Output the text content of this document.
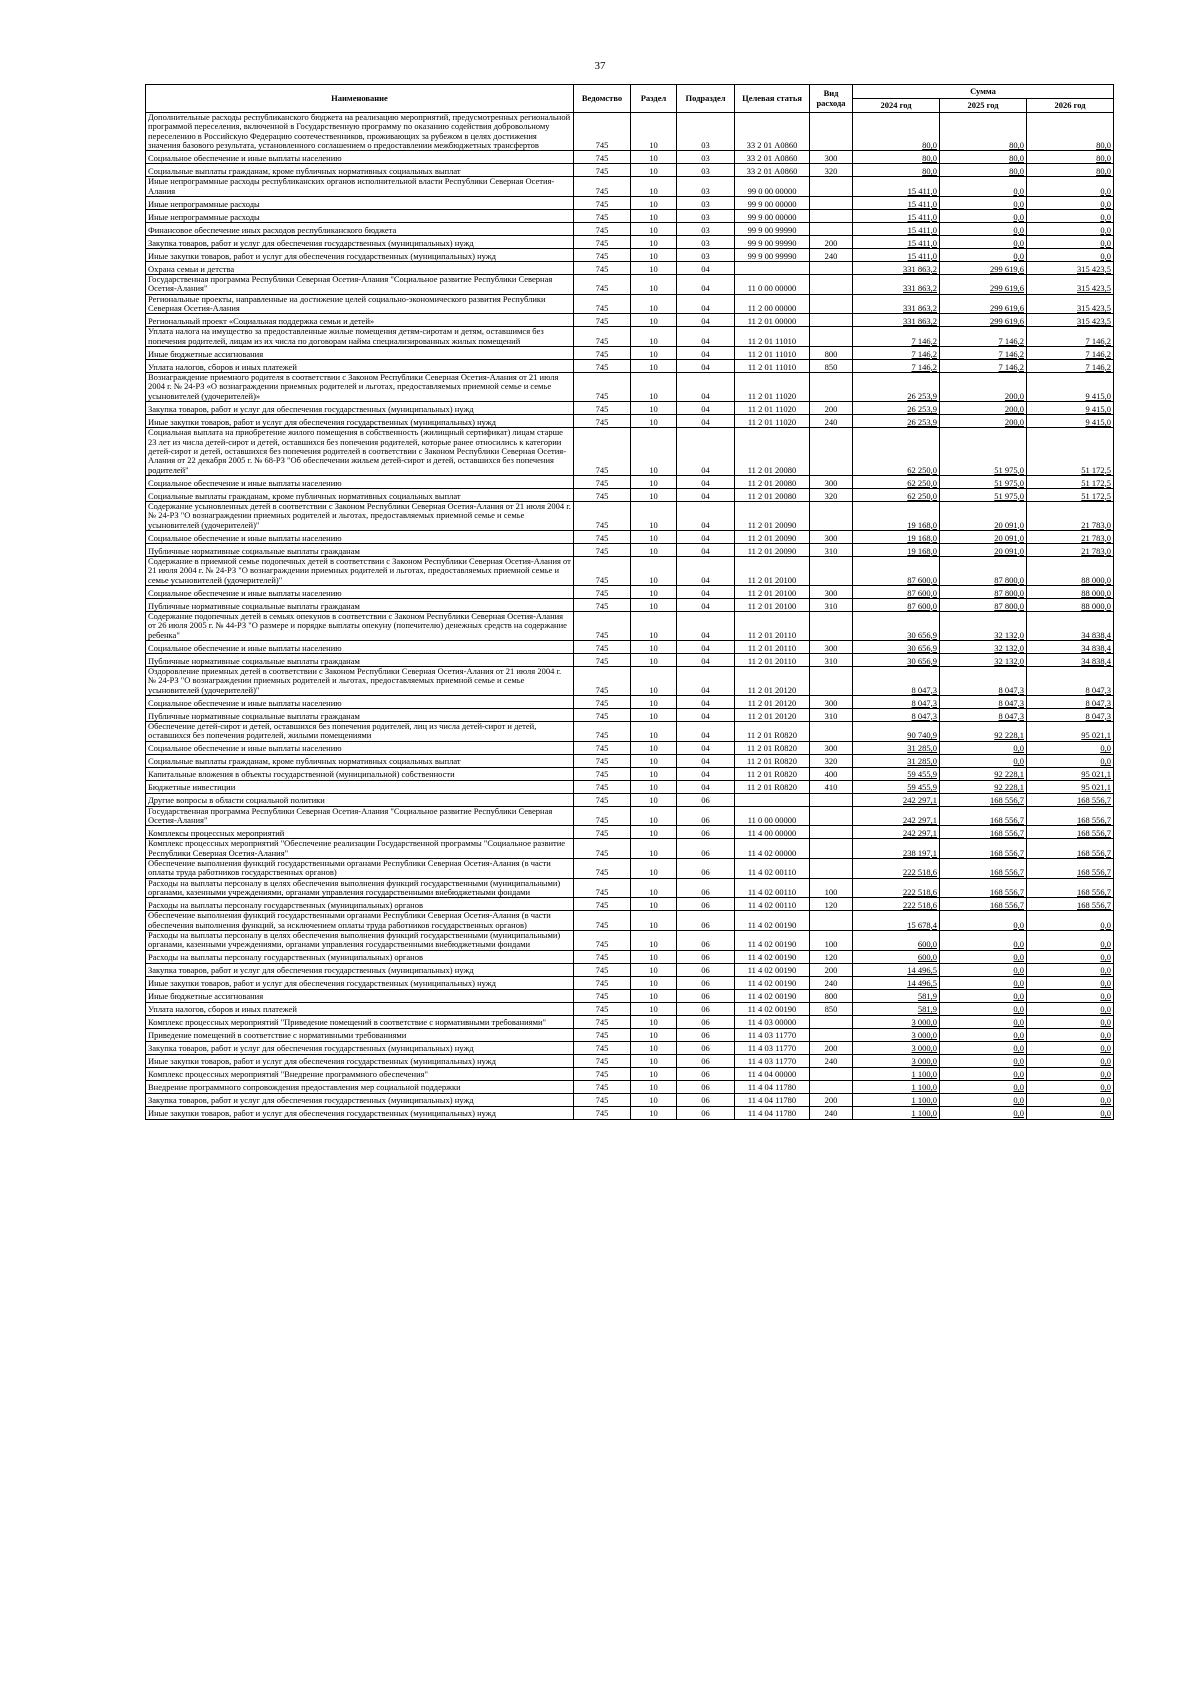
37
Наименование	Ведомство	Раздел	Подраздел	Целевая статья	Вид расхода	Сумма		
						2024 год	2025 год	2026 год
Дополнительные расходы республиканского бюджета на реализацию мероприятий, предусмотренных региональной программой переселения, включенной в Государственную программу по оказанию содействия добровольному переселению в Российскую Федерацию соотечественников, проживающих за рубежом в целях достижения значения базового результата, установленного соглашением о предоставлении межбюджетных трансфертов	745	10	03	33 2 01 А0860		80,0	80,0	80,0
Социальное обеспечение и иные выплаты населению	745	10	03	33 2 01 А0860	300	80,0	80,0	80,0
Социальные выплаты гражданам, кроме публичных нормативных социальных выплат	745	10	03	33 2 01 А0860	320	80,0	80,0	80,0
Иные непрограммные расходы республиканских органов исполнительной власти Республики Северная Осетия-Алания	745	10	03	99 0 00 00000		15 411,0	0,0	0,0
Иные непрограммные расходы	745	10	03	99 9 00 00000		15 411,0	0,0	0,0
Иные непрограммные расходы	745	10	03	99 9 00 00000		15 411,0	0,0	0,0
Финансовое обеспечение иных расходов республиканского бюджета	745	10	03	99 9 00 99990		15 411,0	0,0	0,0
Закупка товаров, работ и услуг для обеспечения государственных (муниципальных) нужд	745	10	03	99 9 00 99990	200	15 411,0	0,0	0,0
Иные закупки товаров, работ и услуг для обеспечения государственных (муниципальных) нужд	745	10	03	99 9 00 99990	240	15 411,0	0,0	0,0
Охрана семьи и детства	745	10	04			331 863,2	299 619,6	315 423,5
Государственная программа Республики Северная Осетия-Алания "Социальное развитие Республики Северная Осетия-Алания"	745	10	04	11 0 00 00000		331 863,2	299 619,6	315 423,5
Региональные проекты, направленные на достижение целей социально-экономического развития Республики Северная Осетия-Алания	745	10	04	11 2 00 00000		331 863,2	299 619,6	315 423,5
Региональный проект «Социальная поддержка семьи и детей»	745	10	04	11 2 01 00000		331 863,2	299 619,6	315 423,5
Уплата налога на имущество за предоставленные жилые помещения детям-сиротам и детям, оставшимся без попечения родителей, лицам из их числа по договорам найма специализированных жилых помещений	745	10	04	11 2 01 11010		7 146,2	7 146,2	7 146,2
Иные бюджетные ассигнования	745	10	04	11 2 01 11010	800	7 146,2	7 146,2	7 146,2
Уплата налогов, сборов и иных платежей	745	10	04	11 2 01 11010	850	7 146,2	7 146,2	7 146,2
Вознаграждение приемного родителя в соответствии с Законом Республики Северная Осетия-Алания от 21 июля 2004 г. № 24-РЗ «О вознаграждении приемных родителей и льготах, предоставляемых приемной семье и семье усыновителей (удочерителей)»	745	10	04	11 2 01 11020		26 253,9	200,0	9 415,0
Закупка товаров, работ и услуг для обеспечения государственных (муниципальных) нужд	745	10	04	11 2 01 11020	200	26 253,9	200,0	9 415,0
Иные закупки товаров, работ и услуг для обеспечения государственных (муниципальных) нужд	745	10	04	11 2 01 11020	240	26 253,9	200,0	9 415,0
Социальная выплата на приобретение жилого помещения в собственность (жилищный сертификат) лицам старше 23 лет из числа детей-сирот и детей, оставшихся без попечения родителей, которые ранее относились к категории детей-сирот и детей, оставшихся без попечения родителей в соответствии с Законом Республики Северная Осетия-Алания от 22 декабря 2005 г. № 68-РЗ "Об обеспечении жильем детей-сирот и детей, оставшихся без попечения родителей"	745	10	04	11 2 01 20080		62 250,0	51 975,0	51 172,5
Социальное обеспечение и иные выплаты населению	745	10	04	11 2 01 20080	300	62 250,0	51 975,0	51 172,5
Социальные выплаты гражданам, кроме публичных нормативных социальных выплат	745	10	04	11 2 01 20080	320	62 250,0	51 975,0	51 172,5
Содержание усыновленных детей в соответствии с Законом Республики Северная Осетия-Алания от 21 июля 2004 г. № 24-РЗ "О вознаграждении приемных родителей и льготах, предоставляемых приемной семье и семье усыновителей (удочерителей)"	745	10	04	11 2 01 20090		19 168,0	20 091,0	21 783,0
Социальное обеспечение и иные выплаты населению	745	10	04	11 2 01 20090	300	19 168,0	20 091,0	21 783,0
Публичные нормативные социальные выплаты гражданам	745	10	04	11 2 01 20090	310	19 168,0	20 091,0	21 783,0
Содержание в приемной семье подопечных детей в соответствии с Законом Республики Северная Осетия-Алания от 21 июля 2004 г. № 24-РЗ "О вознаграждении приемных родителей и льготах, предоставляемых приемной семье и семье усыновителей (удочерителей)"	745	10	04	11 2 01 20100		87 600,0	87 800,0	88 000,0
Социальное обеспечение и иные выплаты населению	745	10	04	11 2 01 20100	300	87 600,0	87 800,0	88 000,0
Публичные нормативные социальные выплаты гражданам	745	10	04	11 2 01 20100	310	87 600,0	87 800,0	88 000,0
Содержание подопечных детей в семьях опекунов в соответствии с Законом Республики Северная Осетия-Алания от 26 июля 2005 г. № 44-РЗ "О размере и порядке выплаты опекуну (попечителю) денежных средств на содержание ребенка"	745	10	04	11 2 01 20110		30 656,9	32 132,0	34 838,4
Социальное обеспечение и иные выплаты населению	745	10	04	11 2 01 20110	300	30 656,9	32 132,0	34 838,4
Публичные нормативные социальные выплаты гражданам	745	10	04	11 2 01 20110	310	30 656,9	32 132,0	34 838,4
Оздоровление приемных детей в соответствии с Законом Республики Северная Осетия-Алания от 21 июля 2004 г. № 24-РЗ "О вознаграждении приемных родителей и льготах, предоставляемых приемной семье и семье усыновителей (удочерителей)"	745	10	04	11 2 01 20120		8 047,3	8 047,3	8 047,3
Социальное обеспечение и иные выплаты населению	745	10	04	11 2 01 20120	300	8 047,3	8 047,3	8 047,3
Публичные нормативные социальные выплаты гражданам	745	10	04	11 2 01 20120	310	8 047,3	8 047,3	8 047,3
Обеспечение детей-сирот и детей, оставшихся без попечения родителей, лиц из числа детей-сирот и детей, оставшихся без попечения родителей, жилыми помещениями	745	10	04	11 2 01 R0820		90 740,9	92 228,1	95 021,1
Социальное обеспечение и иные выплаты населению	745	10	04	11 2 01 R0820	300	31 285,0	0,0	0,0
Социальные выплаты гражданам, кроме публичных нормативных социальных выплат	745	10	04	11 2 01 R0820	320	31 285,0	0,0	0,0
Капитальные вложения в объекты государственной (муниципальной) собственности	745	10	04	11 2 01 R0820	400	59 455,9	92 228,1	95 021,1
Бюджетные инвестиции	745	10	04	11 2 01 R0820	410	59 455,9	92 228,1	95 021,1
Другие вопросы в области социальной политики	745	10	06			242 297,1	168 556,7	168 556,7
Государственная программа Республики Северная Осетия-Алания "Социальное развитие Республики Северная Осетия-Алания"	745	10	06	11 0 00 00000		242 297,1	168 556,7	168 556,7
Комплексы процессных мероприятий	745	10	06	11 4 00 00000		242 297,1	168 556,7	168 556,7
Комплекс процессных мероприятий "Обеспечение реализации Государственной программы "Социальное развитие Республики Северная Осетия-Алания"	745	10	06	11 4 02 00000		238 197,1	168 556,7	168 556,7
Обеспечение выполнения функций государственными органами Республики Северная Осетия-Алания (в части оплаты труда работников государственных органов)	745	10	06	11 4 02 00110		222 518,6	168 556,7	168 556,7
Расходы на выплаты персоналу в целях обеспечения выполнения функций государственными (муниципальными) органами, казенными учреждениями, органами управления государственными внебюджетными фондами	745	10	06	11 4 02 00110	100	222 518,6	168 556,7	168 556,7
Расходы на выплаты персоналу государственных (муниципальных) органов	745	10	06	11 4 02 00110	120	222 518,6	168 556,7	168 556,7
Обеспечение выполнения функций государственными органами Республики Северная Осетия-Алания (в части обеспечения выполнения функций, за исключением оплаты труда работников государственных органов)	745	10	06	11 4 02 00190		15 678,4	0,0	0,0
Расходы на выплаты персоналу в целях обеспечения выполнения функций государственными (муниципальными) органами, казенными учреждениями, органами управления государственными внебюджетными фондами	745	10	06	11 4 02 00190	100	600,0	0,0	0,0
Расходы на выплаты персоналу государственных (муниципальных) органов	745	10	06	11 4 02 00190	120	600,0	0,0	0,0
Закупка товаров, работ и услуг для обеспечения государственных (муниципальных) нужд	745	10	06	11 4 02 00190	200	14 496,5	0,0	0,0
Иные закупки товаров, работ и услуг для обеспечения государственных (муниципальных) нужд	745	10	06	11 4 02 00190	240	14 496,5	0,0	0,0
Иные бюджетные ассигнования	745	10	06	11 4 02 00190	800	581,9	0,0	0,0
Уплата налогов, сборов и иных платежей	745	10	06	11 4 02 00190	850	581,9	0,0	0,0
Комплекс процессных мероприятий "Приведение помещений в соответствие с нормативными требованиями"	745	10	06	11 4 03 00000		3 000,0	0,0	0,0
Приведение помещений в соответствие с нормативными требованиями	745	10	06	11 4 03 11770		3 000,0	0,0	0,0
Закупка товаров, работ и услуг для обеспечения государственных (муниципальных) нужд	745	10	06	11 4 03 11770	200	3 000,0	0,0	0,0
Иные закупки товаров, работ и услуг для обеспечения государственных (муниципальных) нужд	745	10	06	11 4 03 11770	240	3 000,0	0,0	0,0
Комплекс процессных мероприятий "Внедрение программного обеспечения"	745	10	06	11 4 04 00000		1 100,0	0,0	0,0
Внедрение программного сопровождения предоставления мер социальной поддержки	745	10	06	11 4 04 11780		1 100,0	0,0	0,0
Закупка товаров, работ и услуг для обеспечения государственных (муниципальных) нужд	745	10	06	11 4 04 11780	200	1 100,0	0,0	0,0
Иные закупки товаров, работ и услуг для обеспечения государственных (муниципальных) нужд	745	10	06	11 4 04 11780	240	1 100,0	0,0	0,0
